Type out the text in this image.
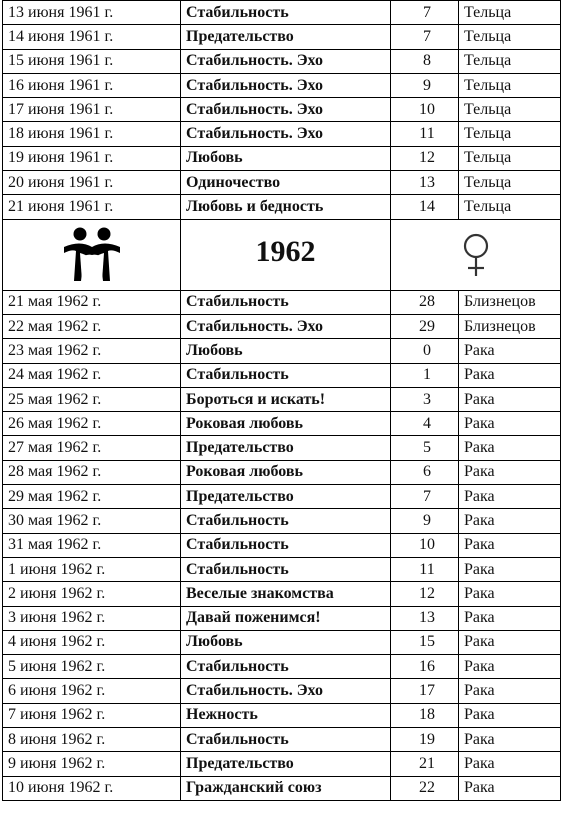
13 июня 1961 г.	Стабильность	7	Тельца
14 июня 1961 г.	Предательство	7	Тельца
15 июня 1961 г.	Стабильность. Эхо	8	Тельца
16 июня 1961 г.	Стабильность. Эхо	9	Тельца
17 июня 1961 г.	Стабильность. Эхо	10	Тельца
18 июня 1961 г.	Стабильность. Эхо	11	Тельца
19 июня 1961 г.	Любовь	12	Тельца
20 июня 1961 г.	Одиночество	13	Тельца
21 июня 1961 г.	Любовь и бедность	14	Тельца
	1962	
21 мая 1962 г.	Стабильность	28	Близнецов
22 мая 1962 г.	Стабильность. Эхо	29	Близнецов
23 мая 1962 г.	Любовь	0	Рака
24 мая 1962 г.	Стабильность	1	Рака
25 мая 1962 г.	Бороться и искать!	3	Рака
26 мая 1962 г.	Роковая любовь	4	Рака
27 мая 1962 г.	Предательство	5	Рака
28 мая 1962 г.	Роковая любовь	6	Рака
29 мая 1962 г.	Предательство	7	Рака
30 мая 1962 г.	Стабильность	9	Рака
31 мая 1962 г.	Стабильность	10	Рака
1 июня 1962 г.	Стабильность	11	Рака
2 июня 1962 г.	Веселые знакомства	12	Рака
3 июня 1962 г.	Давай поженимся!	13	Рака
4 июня 1962 г.	Любовь	15	Рака
5 июня 1962 г.	Стабильность	16	Рака
6 июня 1962 г.	Стабильность. Эхо	17	Рака
7 июня 1962 г.	Нежность	18	Рака
8 июня 1962 г.	Стабильность	19	Рака
9 июня 1962 г.	Предательство	21	Рака
10 июня 1962 г.	Гражданский союз	22	Рака
